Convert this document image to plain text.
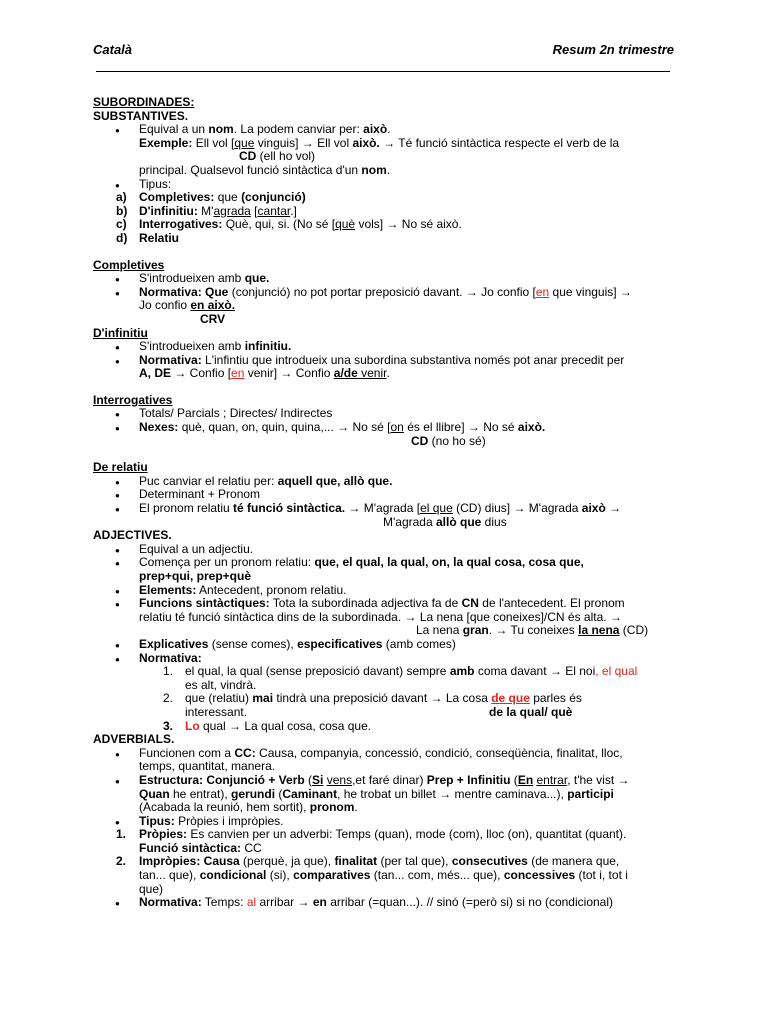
Català	Resum 2n trimestre
SUBORDINADES:
SUBSTANTIVES.
● Equival a un nom. La podem canviar per: això.
Exemple: Ell vol [que vinguis] → Ell vol això. → Té funció sintàctica respecte el verb de la
CD (ell ho vol)
principal. Qualsevol funció sintàctica d'un nom.
● Tipus:
a) Completives: que (conjunció)
b) D'infinitiu: M'agrada [cantar.]
c) Interrogatives: Què, qui, si. (No sé [què vols] → No sé això.
d) Relatiu
Completives
● S'introdueixen amb que.
● Normativa: Que (conjunció) no pot portar preposició davant. → Jo confio [en que vinguis] →
Jo confio en això.
CRV
D'infinitiu
● S'introdueixen amb infinitiu.
● Normativa: L'infintiu que introdueix una subordina substantiva només pot anar precedit per
A, DE → Confio [en venir] → Confio a/de venir.
Interrogatives
● Totals/ Parcials ; Directes/ Indirectes
● Nexes: què, quan, on, quin, quina,... → No sé [on és el llibre] → No sé això.
CD (no ho sé)
De relatiu
● Puc canviar el relatiu per: aquell que, allò que.
● Determinant + Pronom
● El pronom relatiu té funció sintàctica. → M'agrada [el que (CD) dius] → M'agrada això →
M'agrada allò que dius
ADJECTIVES.
● Equival a un adjectiu.
● Comença per un pronom relatiu: que, el qual, la qual, on, la qual cosa, cosa que,
prep+qui, prep+què
● Elements: Antecedent, pronom relatiu.
● Funcions sintàctiques: Tota la subordinada adjectiva fa de CN de l'antecedent. El pronom
relatiu té funció sintàctica dins de la subordinada. → La nena [que coneixes]/CN és alta. →
La nena gran. → Tu coneixes la nena (CD)
● Explicatives (sense comes), especificatives (amb comes)
● Normativa:
1. el qual, la qual (sense preposició davant) sempre amb coma davant → El noi, el qual
es alt, vindrà.
2. que (relatiu) mai tindrà una preposició davant → La cosa de que parles és
interessant.	de la qual/ què
3. Lo qual → La qual cosa, cosa que.
ADVERBIALS.
● Funcionen com a CC: Causa, companyia, concessió, condició, conseqüència, finalitat, lloc,
temps, quantitat, manera.
● Estructura: Conjunció + Verb (Si vens,et faré dinar) Prep + Infinitiu (En entrar, t'he vist →
Quan he entrat), gerundi (Caminant, he trobat un billet → mentre caminava...), participi
(Acabada la reunió, hem sortit), pronom.
● Tipus: Pròpies i impròpies.
1. Pròpies: Es canvien per un adverbi: Temps (quan), mode (com), lloc (on), quantitat (quant).
Funció sintàctica: CC
2. Impròpies: Causa (perquè, ja que), finalitat (per tal que), consecutives (de manera que,
tan... que), condicional (si), comparatives (tan... com, més... que), concessives (tot i, tot i
que)
● Normativa: Temps: al arribar → en arribar (=quan...). // sinó (=però si) si no (condicional)
